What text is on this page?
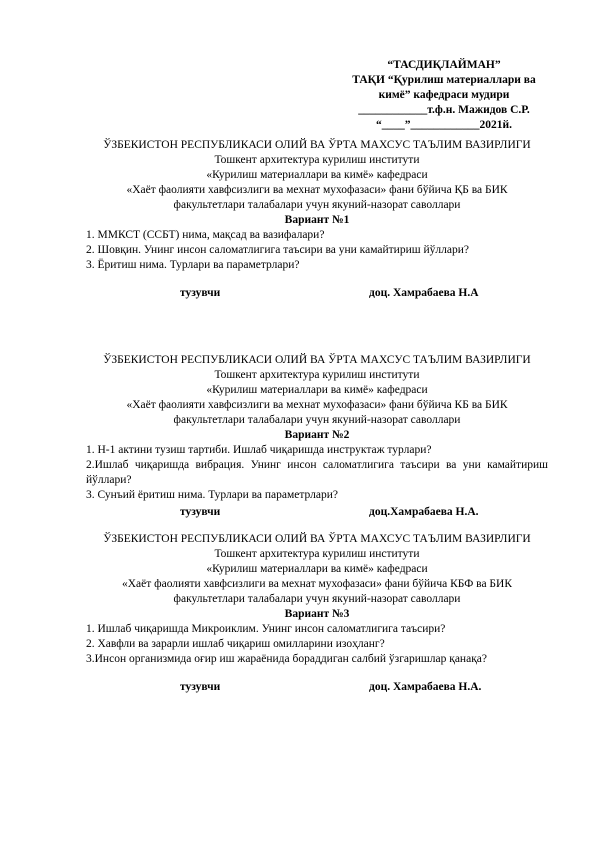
“ТАСДИҚЛАЙМАН”
ТАҚИ “Қурилиш материаллари ва
кимё” кафедраси мудири
____________т.ф.н. Мажидов С.Р.
“____”____________2021й.
ЎЗБЕКИСТОН РЕСПУБЛИКАСИ ОЛИЙ ВА ЎРТА МАХСУС ТАЪЛИМ ВАЗИРЛИГИ
Тошкент архитектура курилиш институти
«Курилиш материаллари ва кимё» кафедраси
«Хаёт фаолияти хавфсизлиги ва мехнат мухофазаси» фани бўйича ҚБ ва БИК
факультетлари талабалари учун якуний-назорат саволлари
Вариант №1

1. ММКСТ (ССБТ) нима, мақсад ва вазифалари?

2. Шовқин. Унинг инсон саломатлигига таъсири ва уни камайтириш йўллари?

3. Ёритиш нима. Турлари ва параметрлари?

тузувчи	доц. Хамрабаева Н.А
ЎЗБЕКИСТОН РЕСПУБЛИКАСИ ОЛИЙ ВА ЎРТА МАХСУС ТАЪЛИМ ВАЗИРЛИГИ
Тошкент архитектура курилиш институти
«Курилиш материаллари ва кимё» кафедраси
«Хаёт фаолияти хавфсизлиги ва мехнат мухофазаси» фани бўйича КБ ва БИК
факультетлари талабалари учун якуний-назорат саволлари
Вариант №2

1. Н-1 актини тузиш тартиби. Ишлаб чиқаришда инструктаж турлари?

2.Ишлаб чиқаришда вибрация. Унинг инсон саломатлигига таъсири ва уни камайтириш йўллари?

3. Сунъий ёритиш нима. Турлари ва параметрлари?

тузувчи	доц.Хамрабаева Н.А.
ЎЗБЕКИСТОН РЕСПУБЛИКАСИ ОЛИЙ ВА ЎРТА МАХСУС ТАЪЛИМ ВАЗИРЛИГИ
Тошкент архитектура курилиш институти
«Курилиш материаллари ва кимё» кафедраси
«Хаёт фаолияти хавфсизлиги ва мехнат мухофазаси» фани бўйича КБФ ва БИК
факультетлари талабалари учун якуний-назорат саволлари
Вариант №3

1. Ишлаб чиқаришда Микроиклим. Унинг инсон саломатлигига таъсири?

2. Хавфли ва зарарли ишлаб чиқариш омилларини изоҳланг?

3.Инсон организмида оғир иш жараёнида бораддиган салбий ўзгаришлар қанақа?

тузувчи	доц. Хамрабаева Н.А.
